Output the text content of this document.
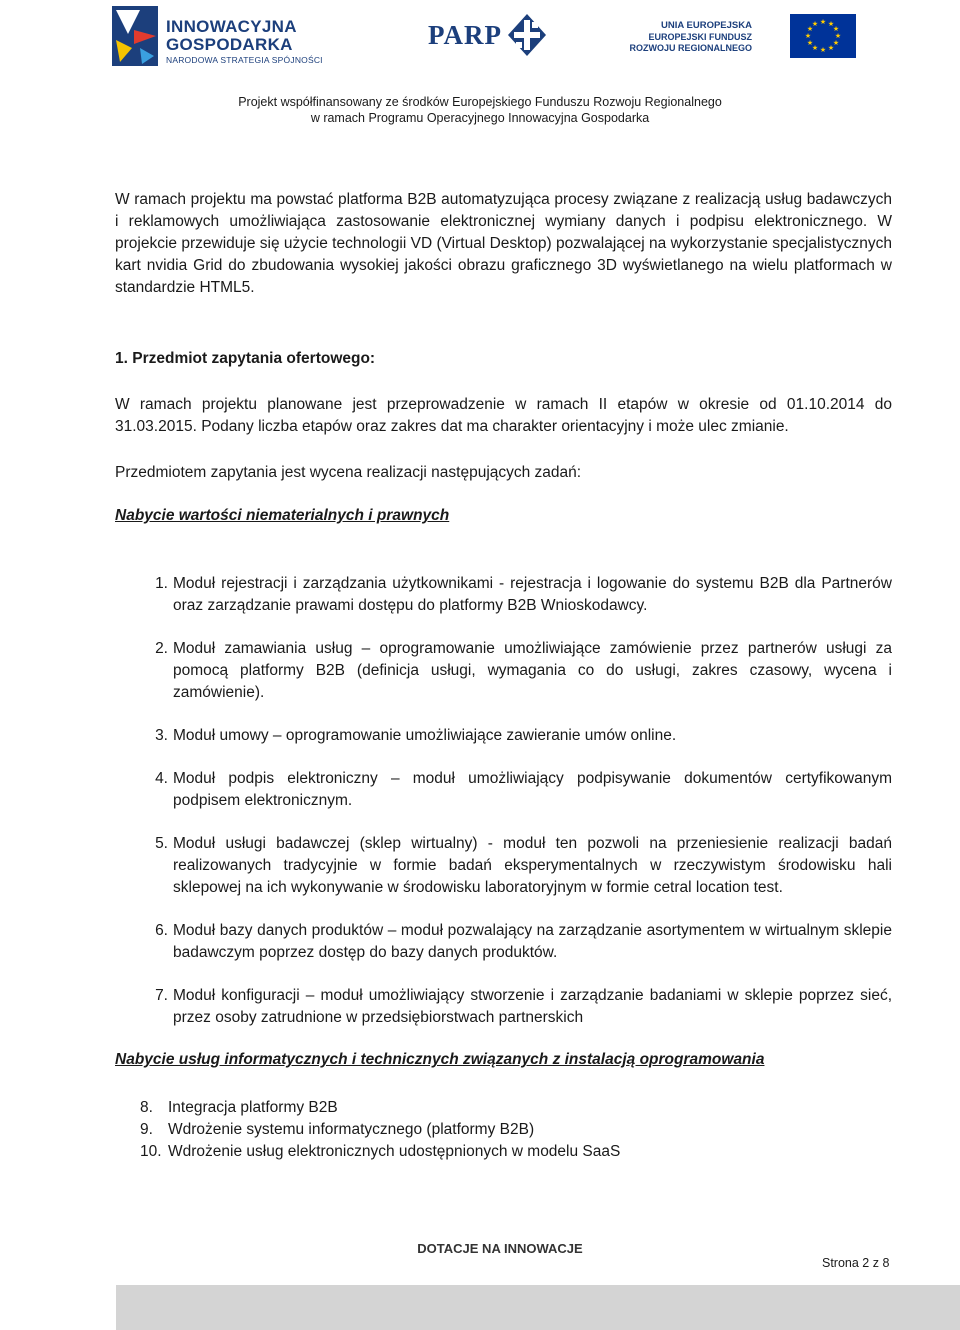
INNOWACYJNA
GOSPODARKA
NARODOWA STRATEGIA SPÓJNOŚCI
PARP	UNIA EUROPEJSKA
EUROPEJSKI FUNDUSZ
ROZWOJU REGIONALNEGO
★ ★
★
★
★
★
★
★
★
★
★
★
Projekt współfinansowany ze środków Europejskiego Funduszu Rozwoju Regionalnego
w ramach Programu Operacyjnego Innowacyjna Gospodarka

W ramach projektu ma powstać platforma B2B automatyzująca procesy związane z realizacją usług badawczych i reklamowych umożliwiająca zastosowanie elektronicznej wymiany danych i podpisu elektronicznego. W projekcie przewiduje się użycie technologii VD (Virtual Desktop) pozwalającej na wykorzystanie specjalistycznych kart nvidia Grid do zbudowania wysokiej jakości obrazu graficznego 3D wyświetlanego na wielu platformach w standardzie HTML5.

1. Przedmiot zapytania ofertowego:

W ramach projektu planowane jest przeprowadzenie w ramach II etapów w okresie od 01.10.2014 do 31.03.2015. Podany liczba etapów oraz zakres dat ma charakter orientacyjny i może ulec zmianie.

Przedmiotem zapytania jest wycena realizacji następujących zadań:

Nabycie wartości niematerialnych i prawnych
1. Moduł rejestracji i zarządzania użytkownikami - rejestracja i logowanie do systemu B2B dla Partnerów oraz zarządzanie prawami dostępu do platformy B2B Wnioskodawcy.
2. Moduł zamawiania usług – oprogramowanie umożliwiające zamówienie przez partnerów usługi za pomocą platformy B2B (definicja usługi, wymagania co do usługi, zakres czasowy, wycena i zamówienie).
3. Moduł umowy – oprogramowanie umożliwiające zawieranie umów online.
4. Moduł podpis elektroniczny – moduł umożliwiający podpisywanie dokumentów certyfikowanym podpisem elektronicznym.
5. Moduł usługi badawczej (sklep wirtualny) - moduł ten pozwoli na przeniesienie realizacji badań realizowanych tradycyjnie w formie badań eksperymentalnych w rzeczywistym środowisku hali sklepowej na ich wykonywanie w środowisku laboratoryjnym w formie cetral location test.
6. Moduł bazy danych produktów – moduł pozwalający na zarządzanie asortymentem w wirtualnym sklepie badawczym poprzez dostęp do bazy danych produktów.
7. Moduł konfiguracji – moduł umożliwiający stworzenie i zarządzanie badaniami w sklepie poprzez sieć, przez osoby zatrudnione w przedsiębiorstwach partnerskich
Nabycie usług informatycznych i technicznych związanych z instalacją oprogramowania
8. Integracja platformy B2B
9. Wdrożenie systemu informatycznego (platformy B2B)
10. Wdrożenie usług elektronicznych udostępnionych w modelu SaaS
DOTACJE NA INNOWACJE
Strona 2 z 8
